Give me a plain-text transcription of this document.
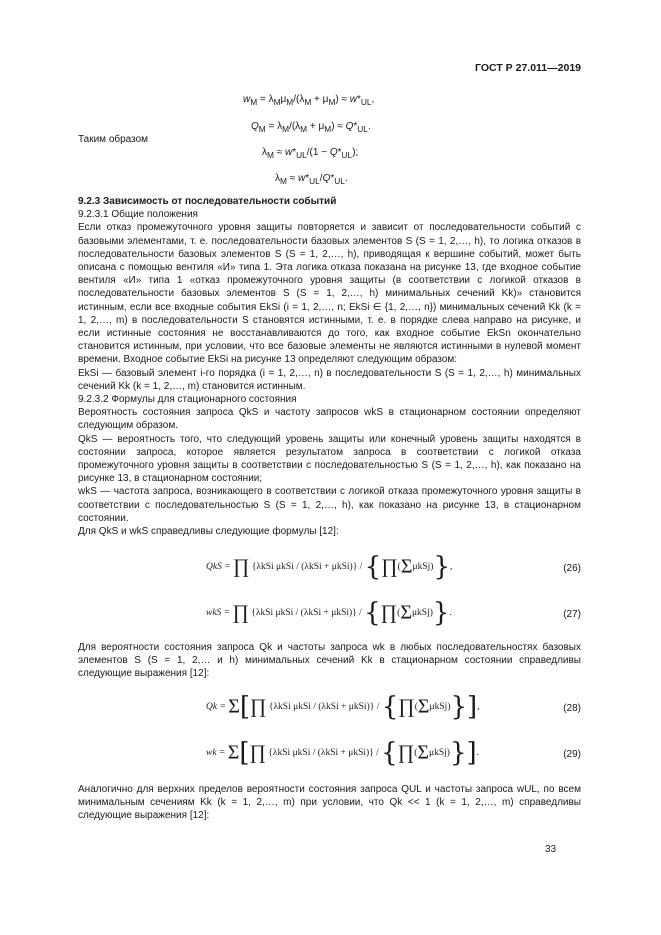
ГОСТ Р 27.011—2019
$w_M = \lambda_M\mu_M/(\lambda_M + \mu_M) \approx w*_{UL}$,
$Q_M = \lambda_M/(\lambda_M + \mu_M) \approx Q*_{UL}$.
Таким образом
$\lambda_M \approx w*_{UL}/(1 - Q*_{UL})$;
$\lambda_M \approx w*_{UL}/Q*_{UL}$.

9.2.3 Зависимость от последовательности событий

9.2.3.1 Общие положения

Если отказ промежуточного уровня защиты повторяется и зависит от последовательности событий с базовыми элементами, т. е. последовательности базовых элементов S (S = 1, 2,…, h), то логика отказов в последовательности базовых элементов S (S = 1, 2,…, h), приводящая к вершине событий, может быть описана с помощью вентиля «И» типа 1. Эта логика отказа показана на рисунке 13, где входное событие вентиля «И» типа 1 «отказ промежуточного уровня защиты (в соответствии с логикой отказов в последовательности базовых элементов S (S = 1, 2,…, h) минимальных сечений Kk)» становится истинным, если все входные события EkSi (i = 1, 2,…, n; EkSi ∈ {1, 2,…, n}) минимальных сечений Kk (k = 1, 2,…, m) в последовательности S становятся истинными, т. е. в порядке слева направо на рисунке, и если истинные состояния не восстанавливаются до того, как входное событие EkSn окончательно становится истинным, при условии, что все базовые элементы не являются истинными в нулевой момент времени. Входное событие EkSi на рисунке 13 определяют следующим образом:

EkSi — базовый элемент i-го порядка (i = 1, 2,…, n) в последовательности S (S = 1, 2,…, h) минимальных сечений Kk (k = 1, 2,…, m) становится истинным.

9.2.3.2 Формулы для стационарного состояния

Вероятность состояния запроса QkS и частоту запросов wkS в стационарном состоянии определяют следующим образом.

QkS — вероятность того, что следующий уровень защиты или конечный уровень защиты находятся в состоянии запроса, которое является результатом запроса в соответствии с логикой отказа промежуточного уровня защиты в соответствии с последовательностью S (S = 1, 2,…, h), как показано на рисунке 13, в стационарном состоянии;

wkS — частота запроса, возникающего в соответствии с логикой отказа промежуточного уровня защиты в соответствии с последовательностью S (S = 1, 2,…, h), как показано на рисунке 13, в стационарном состоянии.

Для QkS и wkS справедливы следующие формулы [12]:

QkS = ∏ {λkSi μkSi / (λkSi + μkSi)} / {∏(ΣμkSj)},	(26)
wkS = ∏ {λkSi μkSi / (λkSi + μkSi)} / {∏(ΣμkSj)}.	(27)

Для вероятности состояния запроса Qk и частоты запроса wk в любых последовательностях базовых элементов S (S = 1, 2,… и h) минимальных сечений Kk в стационарном состоянии справедливы следующие выражения [12]:

Qk = Σ[∏ {λkSi μkSi / (λkSi + μkSi)} / {∏(ΣμkSj)}],	(28)
wk = Σ[∏ {λkSi μkSi / (λkSi + μkSi)} / {∏(ΣμkSj)}].	(29)

Аналогично для верхних пределов вероятности состояния запроса QUL и частоты запроса wUL, по всем минимальным сечениям Kk (k = 1, 2,…, m) при условии, что Qk << 1 (k = 1, 2,…, m) справедливы следующие выражения [12]:

33
